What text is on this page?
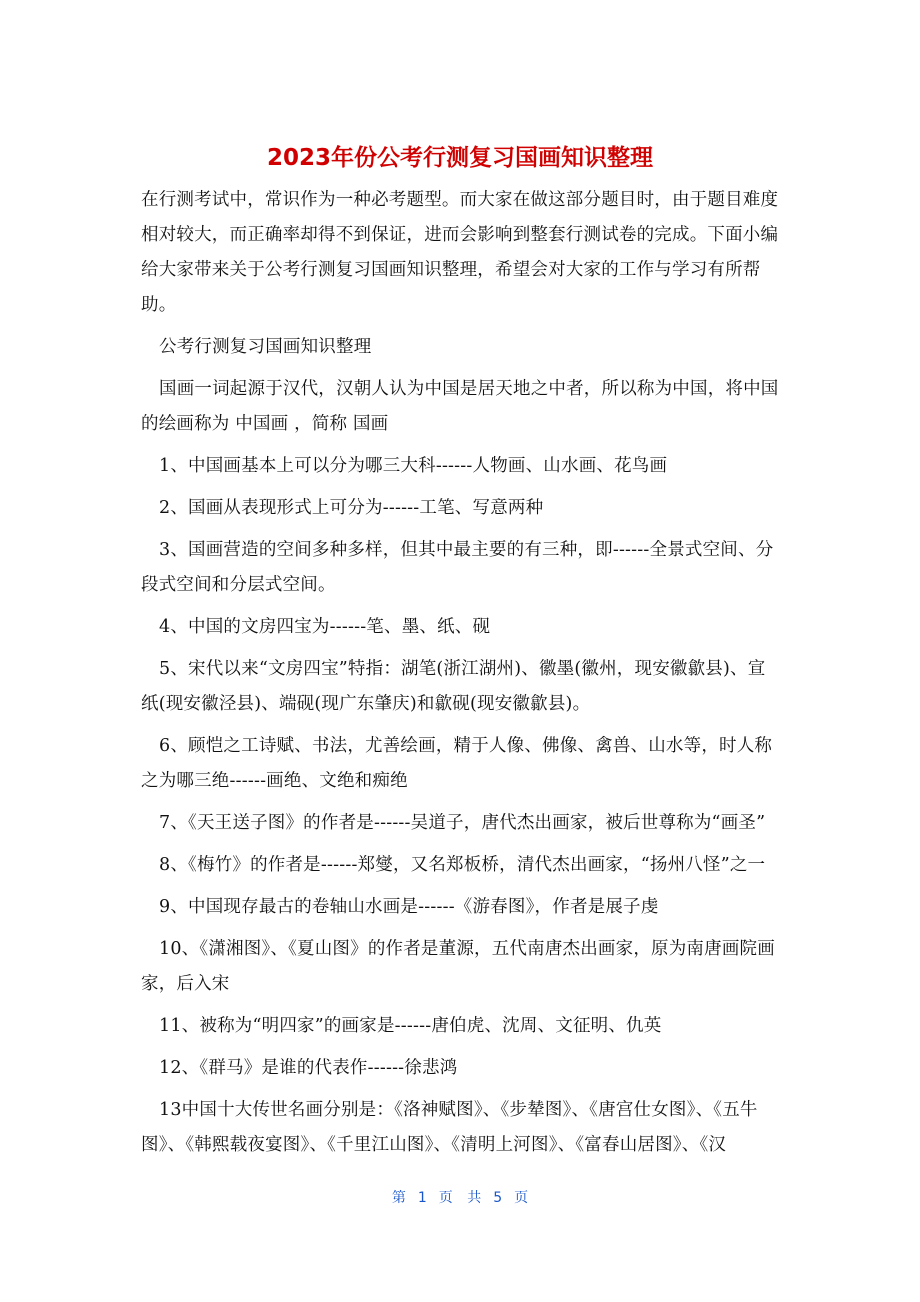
2023年份公考行测复习国画知识整理

在行测考试中，常识作为一种必考题型。而大家在做这部分题目时，由于题目难度相对较大，而正确率却得不到保证，进而会影响到整套行测试卷的完成。下面小编给大家带来关于公考行测复习国画知识整理，希望会对大家的工作与学习有所帮助。

公考行测复习国画知识整理

国画一词起源于汉代，汉朝人认为中国是居天地之中者，所以称为中国，将中国的绘画称为 中国画 ，简称 国画

1、中国画基本上可以分为哪三大科------人物画、山水画、花鸟画

2、国画从表现形式上可分为------工笔、写意两种

3、国画营造的空间多种多样，但其中最主要的有三种，即------全景式空间、分段式空间和分层式空间。

4、中国的文房四宝为------笔、墨、纸、砚

5、宋代以来“文房四宝”特指：湖笔(浙江湖州)、徽墨(徽州，现安徽歙县)、宣纸(现安徽泾县)、端砚(现广东肇庆)和歙砚(现安徽歙县)。

6、顾恺之工诗赋、书法，尤善绘画，精于人像、佛像、禽兽、山水等，时人称之为哪三绝------画绝、文绝和痴绝

7、《天王送子图》的作者是------吴道子，唐代杰出画家，被后世尊称为“画圣”

8、《梅竹》的作者是------郑燮，又名郑板桥，清代杰出画家，“扬州八怪”之一

9、中国现存最古的卷轴山水画是------《游春图》，作者是展子虔

10、《潇湘图》、《夏山图》的作者是董源，五代南唐杰出画家，原为南唐画院画家，后入宋

11、被称为“明四家”的画家是------唐伯虎、沈周、文征明、仇英

12、《群马》是谁的代表作------徐悲鸿

13中国十大传世名画分别是：《洛神赋图》、《步辇图》、《唐宫仕女图》、《五牛图》、《韩熙载夜宴图》、《千里江山图》、《清明上河图》、《富春山居图》、《汉

第 1 页 共 5 页
